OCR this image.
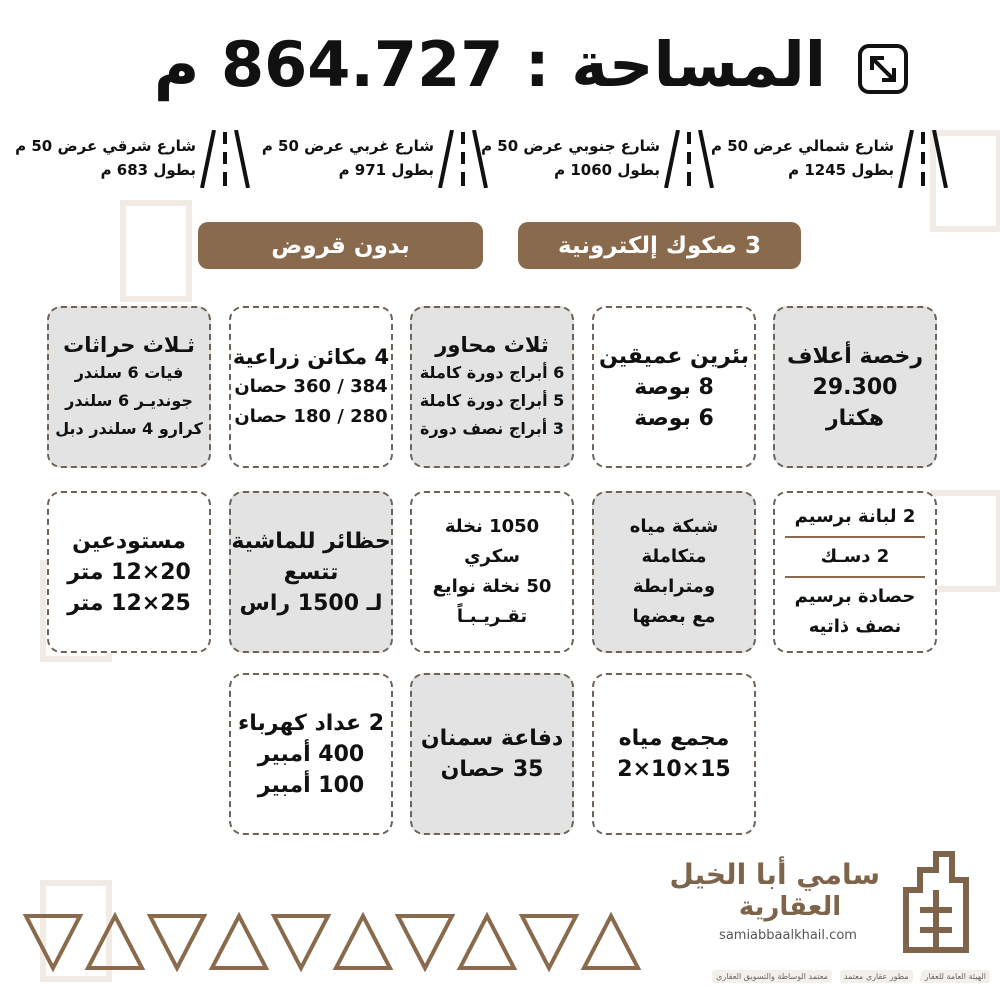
المساحة : 864.727 م
شارع شمالي عرض 50 م
بطول 1245 م
شارع جنوبي عرض 50 م
بطول 1060 م
شارع غربي عرض 50 م
بطول 971 م
شارع شرقي عرض 50 م
بطول 683 م
3 صكوك إلكترونية
بدون قروض
رخصة أعلاف
29.300
هكتار
بئرين عميقين
8 بوصة
6 بوصة
ثلاث محاور
6 أبراج دورة كاملة
5 أبراج دورة كاملة
3 أبراج نصف دورة
4 مكائن زراعية
384 / 360 حصان
280 / 180 حصان
ثـلاث حراثات
فيات 6 سلندر
جونديـر 6 سلندر
كرارو 4 سلندر دبل
2 لبانة برسيم
2 دسـك
حصادة برسيم
نصف ذاتيه
شبكة مياه
متكاملة
ومترابطة
مع بعضها
1050 نخلة
سكري
50 نخلة نوايع
تقـريـبـاً
حظائر للماشية
تتسع
لـ 1500 راس
مستودعين
20×12 متر
25×12 متر
مجمع مياه
15×10×2
دفاعة سمنان
35 حصان
2 عداد كهرباء
400 أمبير
100 أمبير
سامي أبا الخيل
العقارية
samiabbaalkhail.com
الهيئة العامة للعقار
مطور عقاري معتمد
معتمد الوساطة والتسويق العقاري
